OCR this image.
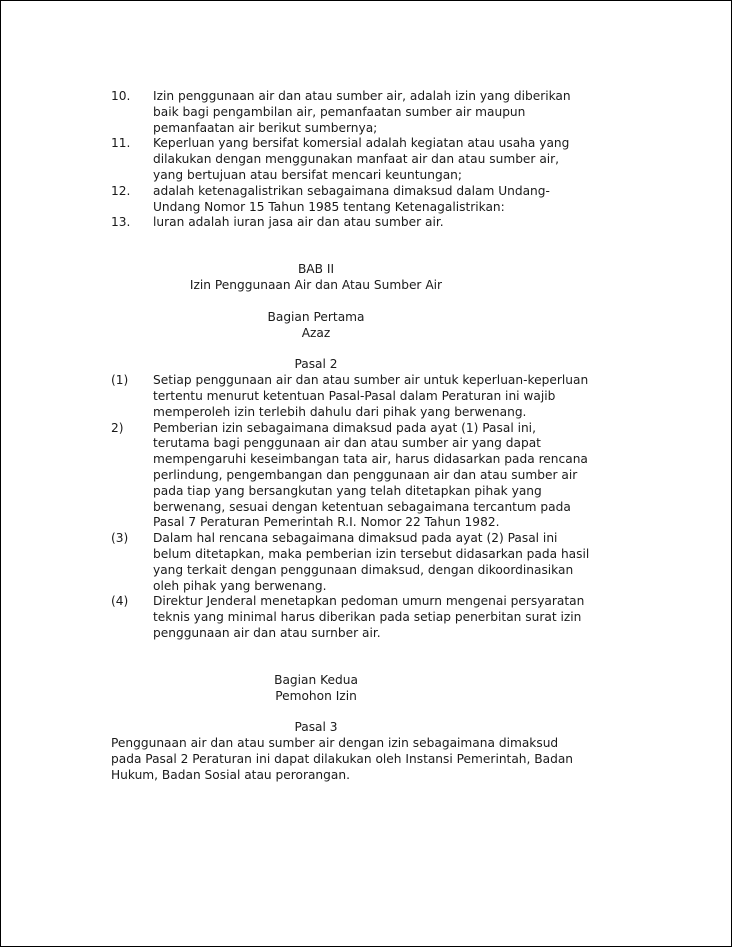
10.	Izin penggunaan air dan atau sumber air, adalah izin yang diberikan
baik bagi pengambilan air, pemanfaatan sumber air maupun
pemanfaatan air berikut sumbernya;
11.	Keperluan yang bersifat komersial adalah kegiatan atau usaha yang
dilakukan dengan menggunakan manfaat air dan atau sumber air,
yang bertujuan atau bersifat mencari keuntungan;
12.	adalah ketenagalistrikan sebagaimana dimaksud dalam Undang-
Undang Nomor 15 Tahun 1985 tentang Ketenagalistrikan:
13.	luran adalah iuran jasa air dan atau sumber air.
BAB II
Izin Penggunaan Air dan Atau Sumber Air
Bagian Pertama
Azaz
Pasal 2
(1)	Setiap penggunaan air dan atau sumber air untuk keperluan-keperluan
tertentu menurut ketentuan Pasal-Pasal dalam Peraturan ini wajib
memperoleh izin terlebih dahulu dari pihak yang berwenang.
2)	Pemberian izin sebagaimana dimaksud pada ayat (1) Pasal ini,
terutama bagi penggunaan air dan atau sumber air yang dapat
mempengaruhi keseimbangan tata air, harus didasarkan pada rencana
perlindung, pengembangan dan penggunaan air dan atau sumber air
pada tiap yang bersangkutan yang telah ditetapkan pihak yang
berwenang, sesuai dengan ketentuan sebagaimana tercantum pada
Pasal 7 Peraturan Pemerintah R.I. Nomor 22 Tahun 1982.
(3)	Dalam hal rencana sebagaimana dimaksud pada ayat (2) Pasal ini
belum ditetapkan, maka pemberian izin tersebut didasarkan pada hasil
yang terkait dengan penggunaan dimaksud, dengan dikoordinasikan
oleh pihak yang berwenang.
(4)	Direktur Jenderal menetapkan pedoman umurn mengenai persyaratan
teknis yang minimal harus diberikan pada setiap penerbitan surat izin
penggunaan air dan atau surnber air.
Bagian Kedua
Pemohon Izin
Pasal 3
Penggunaan air dan atau sumber air dengan izin sebagaimana dimaksud
pada Pasal 2 Peraturan ini dapat dilakukan oleh Instansi Pemerintah, Badan
Hukum, Badan Sosial atau perorangan.
